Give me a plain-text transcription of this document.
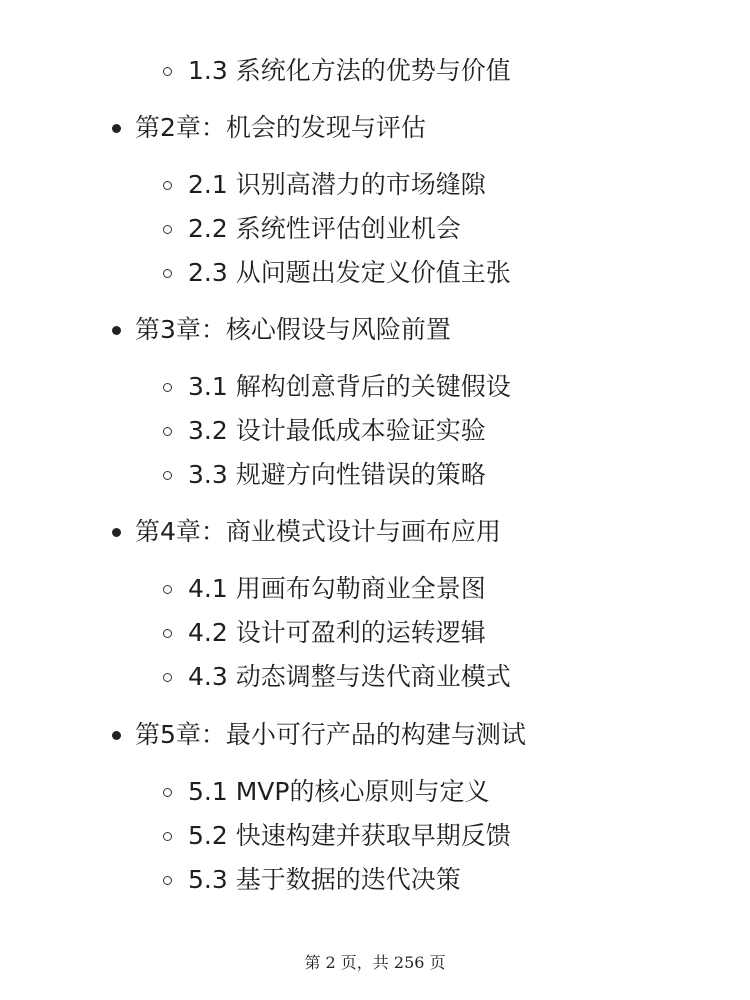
1.3 系统化方法的优势与价值
第2章：机会的发现与评估
2.1 识别高潜力的市场缝隙
2.2 系统性评估创业机会
2.3 从问题出发定义价值主张
第3章：核心假设与风险前置
3.1 解构创意背后的关键假设
3.2 设计最低成本验证实验
3.3 规避方向性错误的策略
第4章：商业模式设计与画布应用
4.1 用画布勾勒商业全景图
4.2 设计可盈利的运转逻辑
4.3 动态调整与迭代商业模式
第5章：最小可行产品的构建与测试
5.1 MVP的核心原则与定义
5.2 快速构建并获取早期反馈
5.3 基于数据的迭代决策
第 2 页，共 256 页
